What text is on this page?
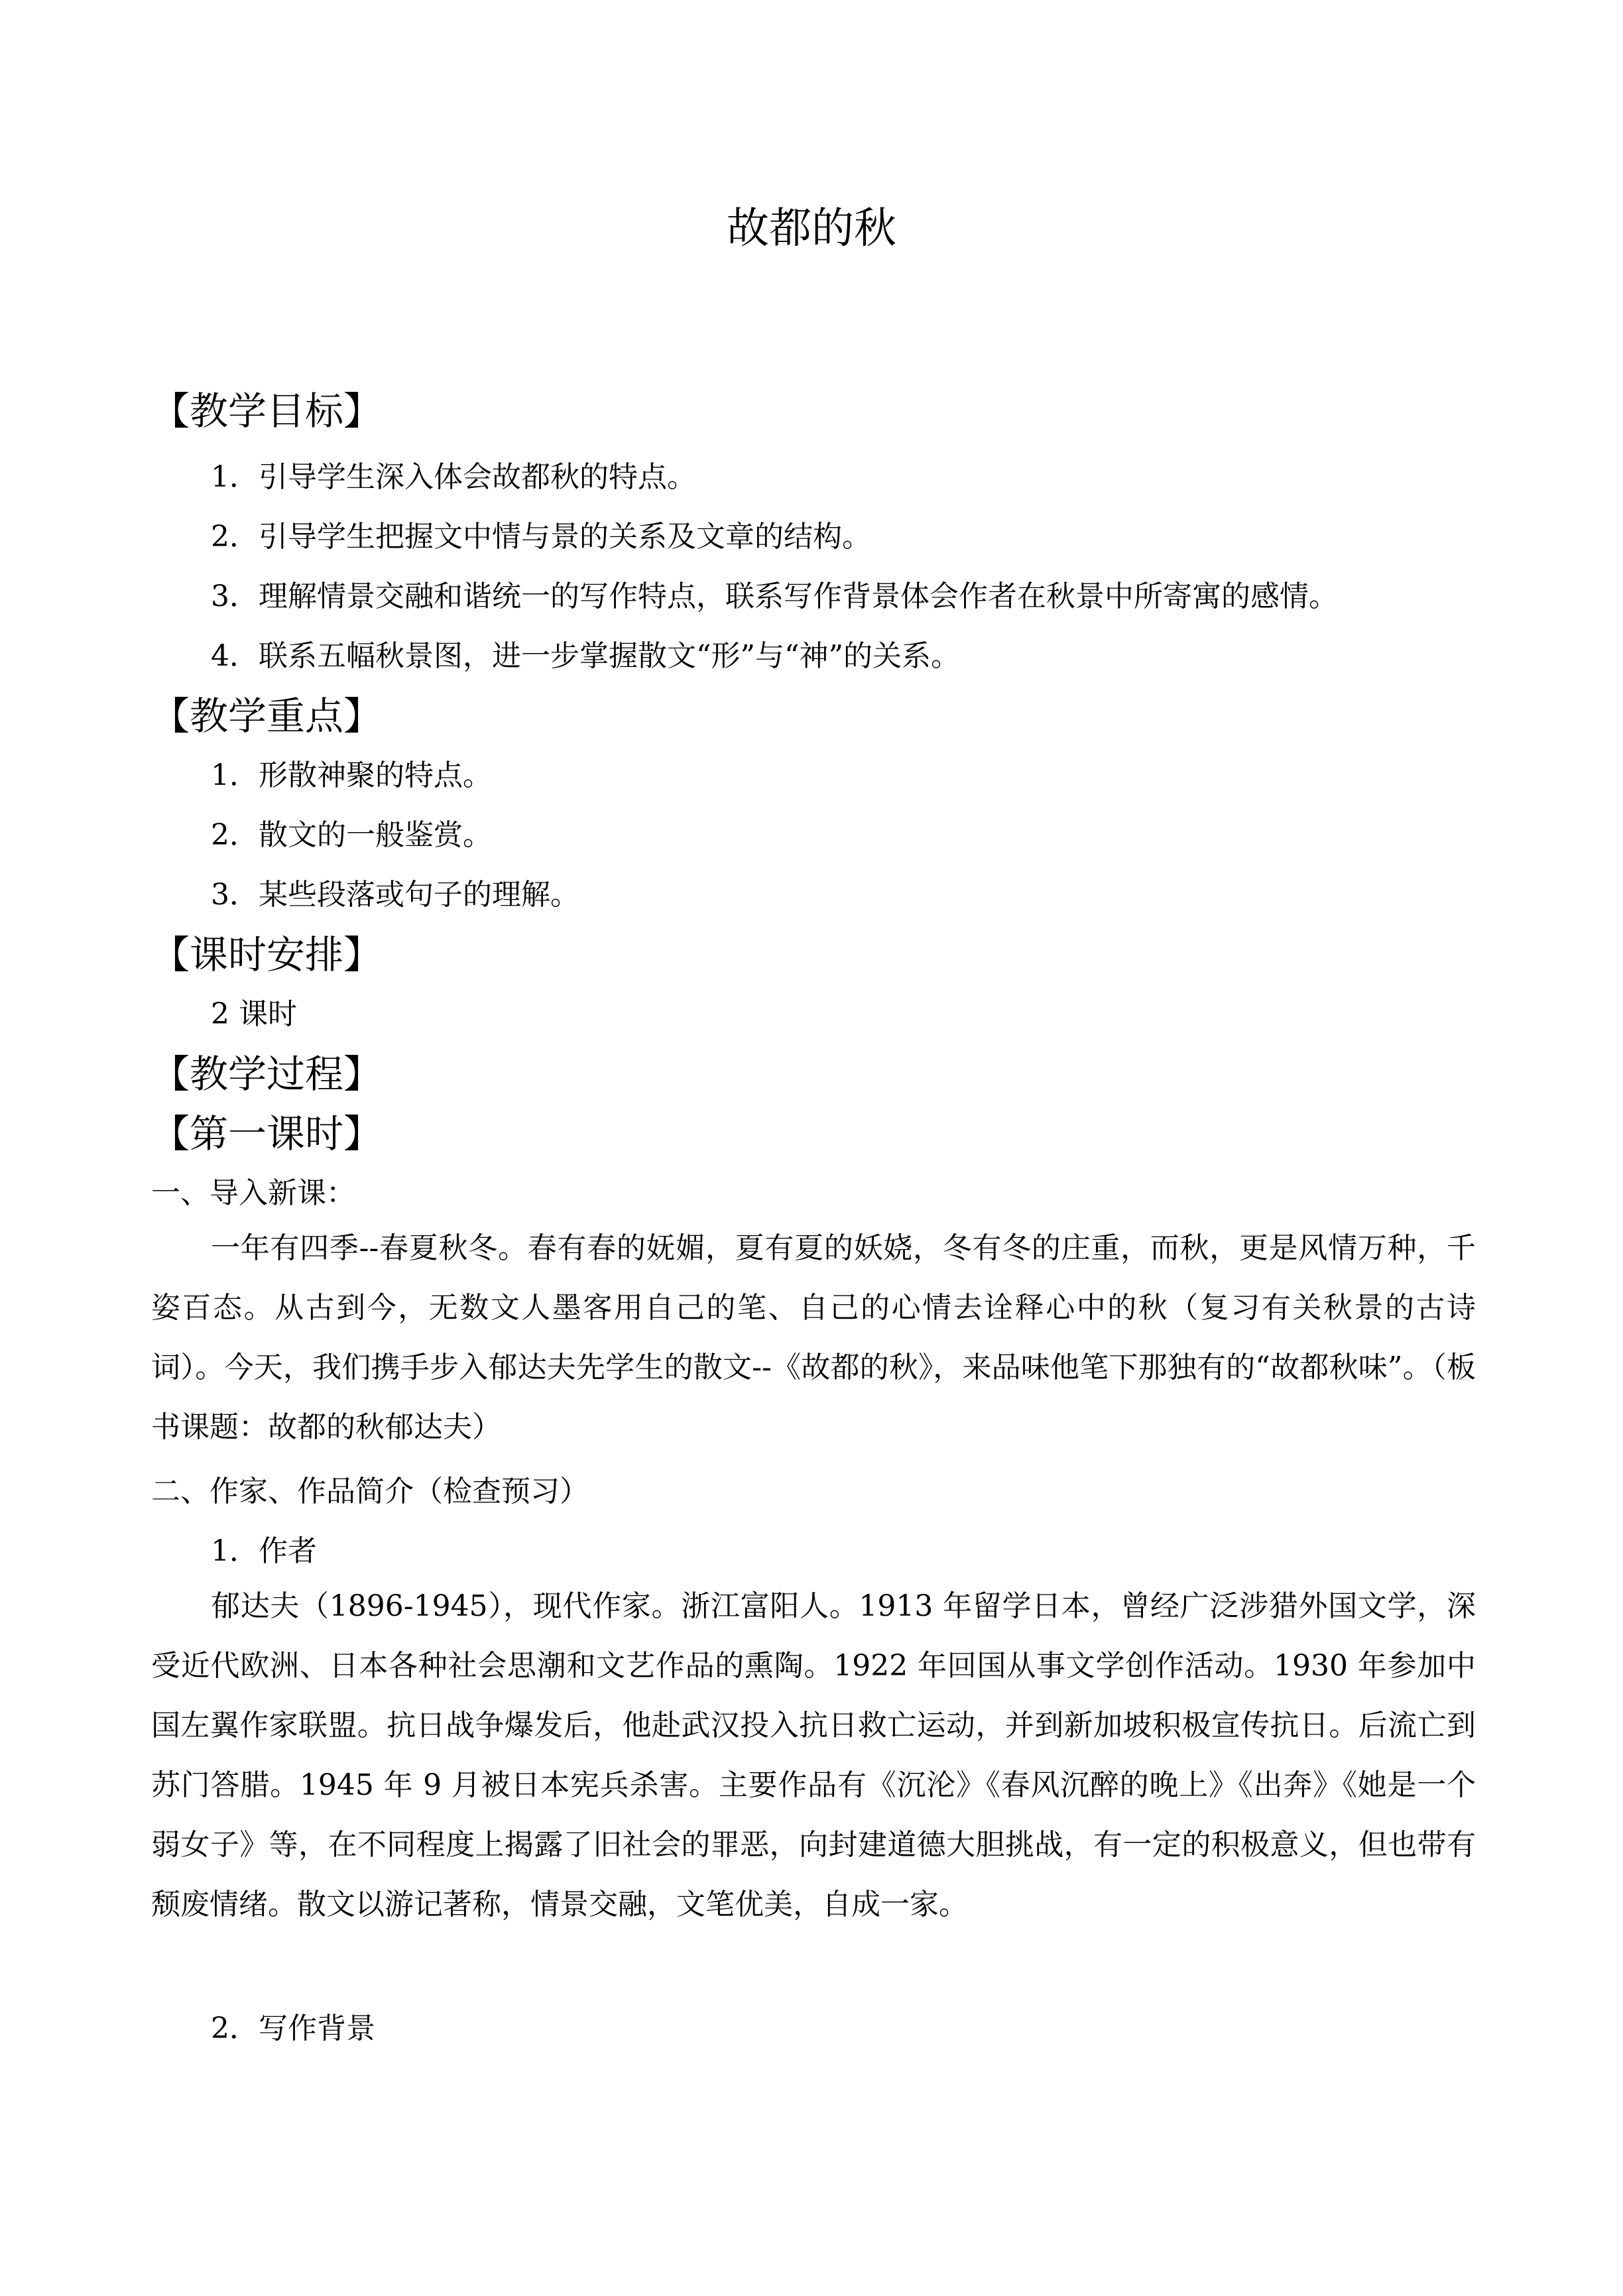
故都的秋
【教学目标】
1．引导学生深入体会故都秋的特点。
2．引导学生把握文中情与景的关系及文章的结构。
3．理解情景交融和谐统一的写作特点，联系写作背景体会作者在秋景中所寄寓的感情。
4．联系五幅秋景图，进一步掌握散文“形”与“神”的关系。
【教学重点】
1．形散神聚的特点。
2．散文的一般鉴赏。
3．某些段落或句子的理解。
【课时安排】
2 课时
【教学过程】
【第一课时】
一、导入新课：
一年有四季--春夏秋冬。春有春的妩媚，夏有夏的妖娆，冬有冬的庄重，而秋，更是风情万种，千姿百态。从古到今，无数文人墨客用自己的笔、自己的心情去诠释心中的秋（复习有关秋景的古诗词）。今天，我们携手步入郁达夫先学生的散文--《故都的秋》，来品味他笔下那独有的“故都秋味”。（板书课题：故都的秋郁达夫）
二、作家、作品简介（检查预习）
1．作者
郁达夫（1896-1945），现代作家。浙江富阳人。1913 年留学日本，曾经广泛涉猎外国文学，深受近代欧洲、日本各种社会思潮和文艺作品的熏陶。1922 年回国从事文学创作活动。1930 年参加中国左翼作家联盟。抗日战争爆发后，他赴武汉投入抗日救亡运动，并到新加坡积极宣传抗日。后流亡到苏门答腊。1945 年 9 月被日本宪兵杀害。主要作品有《沉沦》《春风沉醉的晚上》《出奔》《她是一个弱女子》等，在不同程度上揭露了旧社会的罪恶，向封建道德大胆挑战，有一定的积极意义，但也带有颓废情绪。散文以游记著称，情景交融，文笔优美，自成一家。
2．写作背景
